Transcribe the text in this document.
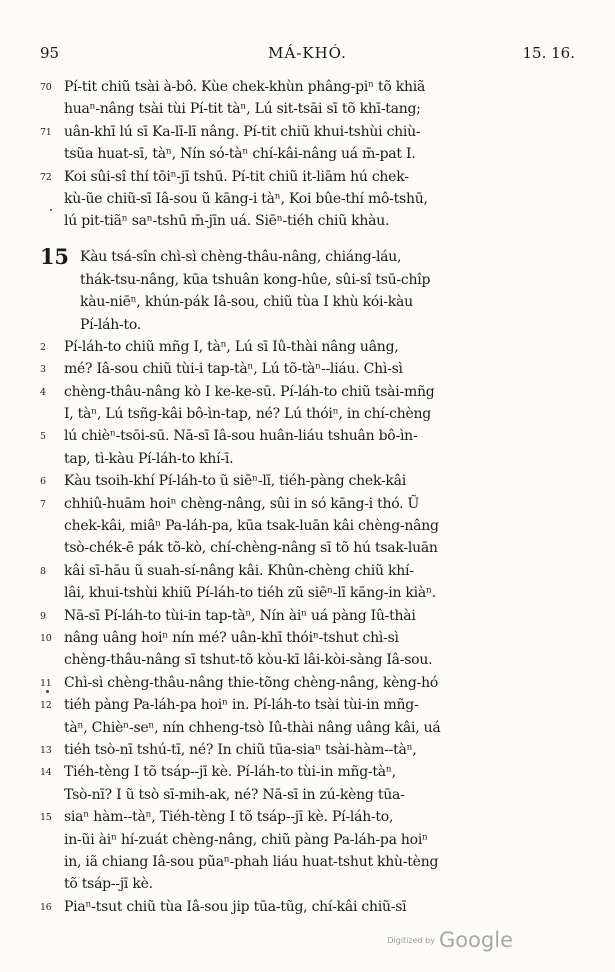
95	MÁ-KHÓ.	15. 16.
70 Pí-tit chiũ tsài à-bô. Kùe chek-khùn phâng-piⁿ tõ khiã
huaⁿ-nâng tsài tùi Pí-tit tàⁿ, Lú sit-tsāi sī tõ khī-tang;
71 uân-khī lú sī Ka-lī-lī nâng. Pí-tit chiũ khui-tshùi chiù-
tsũa huat-sī, tàⁿ, Nín só-tàⁿ chí-kâi-nâng uá m̄-pat I.
72 Koi sûi-sî thí tōiⁿ-jī tshū. Pí-tit chiũ it-liām hú chek-
kù-ũe chiũ-sī Iâ-sou ũ kāng-i tàⁿ, Koi bûe-thí mô-tshū,
lú pit-tiãⁿ saⁿ-tshū m̄-jīn uá. Siēⁿ-tiéh chiũ khàu.
15 Kàu tsá-sîn chì-sì chèng-thâu-nâng, chiáng-láu,
thák-tsu-nâng, kūa tshuân kong-hûe, sûi-sî tsū-chîp
kàu-niēⁿ, khún-pák Iâ-sou, chiũ tùa I khù kói-kàu
Pí-láh-to.
2 Pí-láh-to chiũ mñg I, tàⁿ, Lú sī Iû-thài nâng uâng,
3 mé? Iâ-sou chiũ tùi-i tap-tàⁿ, Lú tõ-tàⁿ--liáu. Chì-sì
4 chèng-thâu-nâng kò I ke-ke-sū. Pí-láh-to chiũ tsài-mñg
I, tàⁿ, Lú tsñg-kâi bô-ìn-tap, né? Lú thóiⁿ, in chí-chèng
5 lú chièⁿ-tsōi-sū. Nā-sī Iâ-sou huân-liáu tshuân bô-ìn-
tap, tì-kàu Pí-láh-to khí-ī.
6 Kàu tsoih-khí Pí-láh-to ũ siēⁿ-lī, tiéh-pàng chek-kâi
7 chhiû-huām hoiⁿ chèng-nâng, sûi in só kāng-i thó. Ũ
chek-kâi, miâⁿ Pa-láh-pa, kūa tsak-luān kâi chèng-nâng
tsò-chék-ē pák tõ-kò, chí-chèng-nâng sī tõ hú tsak-luān
8 kâi sī-hāu ũ suah-sí-nâng kâi. Khûn-chèng chiũ khí-
lâi, khui-tshùi khiũ Pí-láh-to tiéh zũ siēⁿ-lī kāng-in kiàⁿ.
9 Nā-sī Pí-láh-to tùi-in tap-tàⁿ, Nín àiⁿ uá pàng Iû-thài
10 nâng uâng hoiⁿ nín mé? uân-khī thóiⁿ-tshut chì-sì
chèng-thâu-nâng sī tshut-tõ kòu-kī lâi-kòi-sàng Iâ-sou.
11 Chì-sì chèng-thâu-nâng thie-tõng chèng-nâng, kèng-hó
12 tiéh pàng Pa-láh-pa hoiⁿ in. Pí-láh-to tsài tùi-in mñg-
tàⁿ, Chièⁿ-seⁿ, nín chheng-tsò Iû-thài nâng uâng kâi, uá
13 tiéh tsò-nī tshú-tī, né? In chiũ tūa-siaⁿ tsài-hàm--tàⁿ,
14 Tiéh-tèng I tõ tsáp--jī kè. Pí-láh-to tùi-in mñg-tàⁿ,
Tsò-nī? I ũ tsò sī-mih-ak, né? Nā-sī in zú-kèng tūa-
15 siaⁿ hàm--tàⁿ, Tiéh-tèng I tõ tsáp--jī kè. Pí-láh-to,
in-ũi àiⁿ hí-zuát chèng-nâng, chiũ pàng Pa-láh-pa hoiⁿ
in, iã chiang Iâ-sou pũaⁿ-phah liáu huat-tshut khù-tèng
tõ tsáp--jī kè.
16 Piaⁿ-tsut chiũ tùa Iâ-sou jip tūa-tũg, chí-kâi chiũ-sī
$^{Digitized by}$ Google
